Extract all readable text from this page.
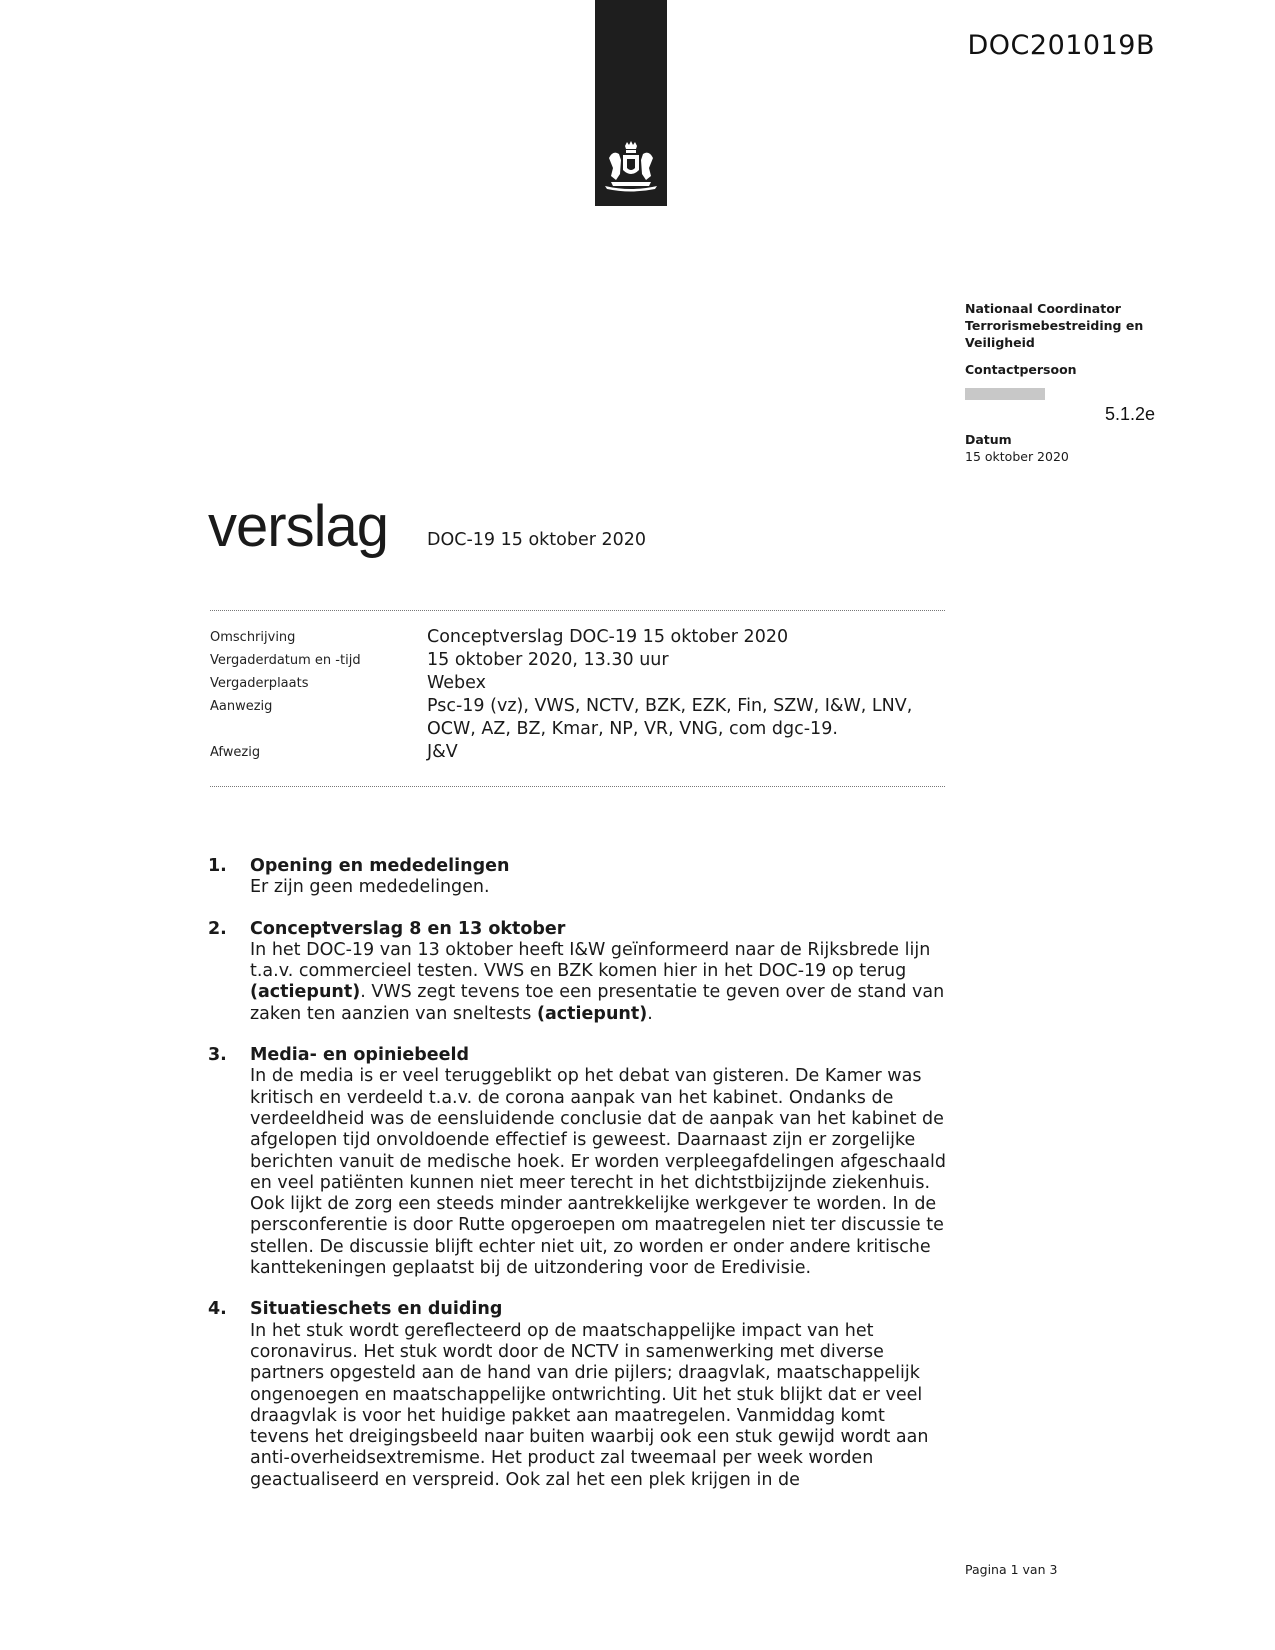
DOC201019B
Nationaal Coordinator
Terrorismebestreiding en
Veiligheid
Contactpersoon
5.1.2e
Datum
15 oktober 2020
verslag DOC-19 15 oktober 2020
Omschrijving	Conceptverslag DOC-19 15 oktober 2020
Vergaderdatum en -tijd	15 oktober 2020, 13.30 uur
Vergaderplaats	Webex
Aanwezig	Psc-19 (vz), VWS, NCTV, BZK, EZK, Fin, SZW, I&W, LNV, OCW, AZ, BZ, Kmar, NP, VR, VNG, com dgc-19.
Afwezig	J&V
1. Opening en mededelingen
Er zijn geen mededelingen.
2. Conceptverslag 8 en 13 oktober
In het DOC-19 van 13 oktober heeft I&W geïnformeerd naar de Rijksbrede lijn t.a.v. commercieel testen. VWS en BZK komen hier in het DOC-19 op terug (actiepunt). VWS zegt tevens toe een presentatie te geven over de stand van zaken ten aanzien van sneltests (actiepunt).
3. Media- en opiniebeeld
In de media is er veel teruggeblikt op het debat van gisteren. De Kamer was kritisch en verdeeld t.a.v. de corona aanpak van het kabinet. Ondanks de verdeeldheid was de eensluidende conclusie dat de aanpak van het kabinet de afgelopen tijd onvoldoende effectief is geweest. Daarnaast zijn er zorgelijke berichten vanuit de medische hoek. Er worden verpleegafdelingen afgeschaald en veel patiënten kunnen niet meer terecht in het dichtstbijzijnde ziekenhuis. Ook lijkt de zorg een steeds minder aantrekkelijke werkgever te worden. In de persconferentie is door Rutte opgeroepen om maatregelen niet ter discussie te stellen. De discussie blijft echter niet uit, zo worden er onder andere kritische kanttekeningen geplaatst bij de uitzondering voor de Eredivisie.
4. Situatieschets en duiding
In het stuk wordt gereflecteerd op de maatschappelijke impact van het coronavirus. Het stuk wordt door de NCTV in samenwerking met diverse partners opgesteld aan de hand van drie pijlers; draagvlak, maatschappelijk ongenoegen en maatschappelijke ontwrichting. Uit het stuk blijkt dat er veel draagvlak is voor het huidige pakket aan maatregelen. Vanmiddag komt tevens het dreigingsbeeld naar buiten waarbij ook een stuk gewijd wordt aan anti-overheidsextremisme. Het product zal tweemaal per week worden geactualiseerd en verspreid. Ook zal het een plek krijgen in de
Pagina 1 van 3
